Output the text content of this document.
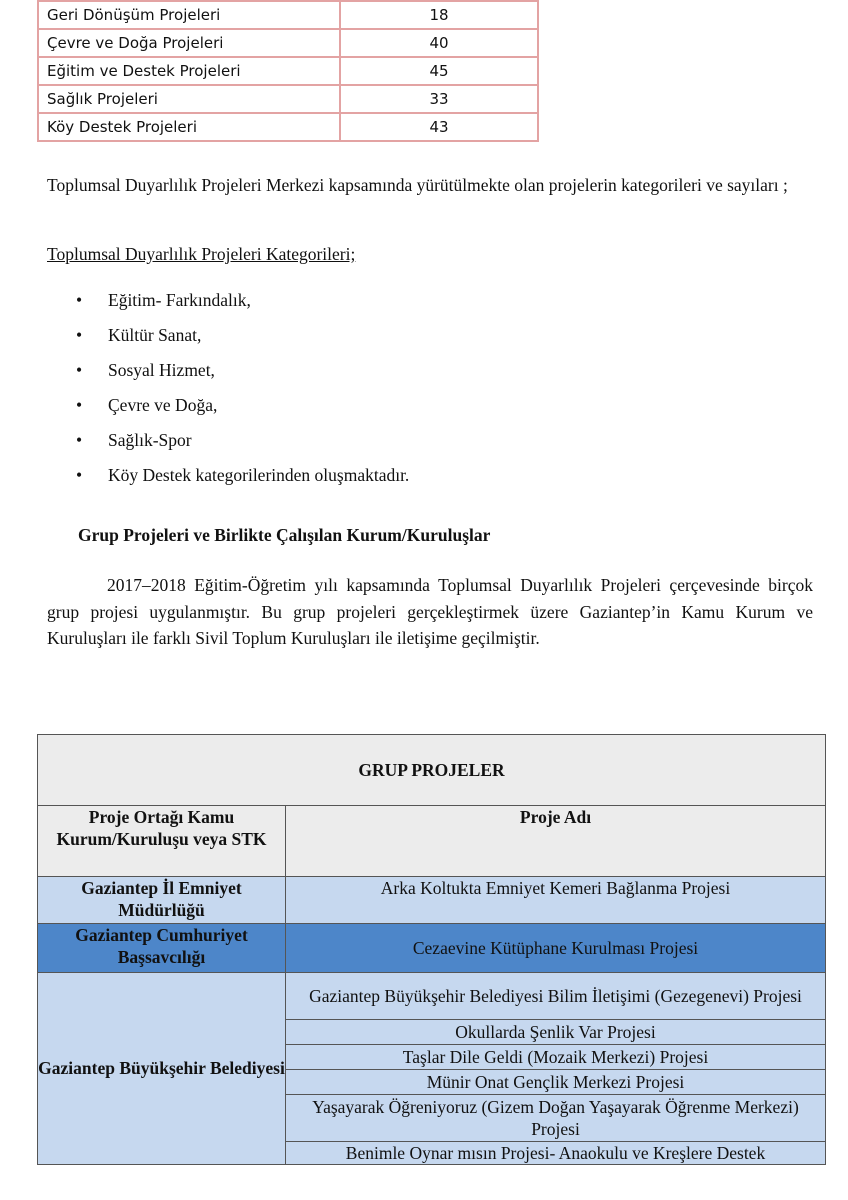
Geri Dönüşüm Projeleri	18
Çevre ve Doğa Projeleri	40
Eğitim ve Destek Projeleri	45
Sağlık Projeleri	33
Köy Destek Projeleri	43

Toplumsal Duyarlılık Projeleri Merkezi kapsamında yürütülmekte olan projelerin kategorileri ve sayıları ;

Toplumsal Duyarlılık Projeleri Kategorileri;

•	Eğitim- Farkındalık,
•	Kültür Sanat,
•	Sosyal Hizmet,
•	Çevre ve Doğa,
•	Sağlık-Spor
•	Köy Destek kategorilerinden oluşmaktadır.

Grup Projeleri ve Birlikte Çalışılan Kurum/Kuruluşlar

2017–2018 Eğitim-Öğretim yılı kapsamında Toplumsal Duyarlılık Projeleri çerçevesinde birçok grup projesi uygulanmıştır. Bu grup projeleri gerçekleştirmek üzere Gaziantep’in Kamu Kurum ve Kuruluşları ile farklı Sivil Toplum Kuruluşları ile iletişime geçilmiştir.

GRUP PROJELER	
Proje Ortağı Kamu Kurum/Kuruluşu veya STK	Proje Adı
Gaziantep İl Emniyet Müdürlüğü	Arka Koltukta Emniyet Kemeri Bağlanma Projesi
Gaziantep Cumhuriyet Başsavcılığı	Cezaevine Kütüphane Kurulması Projesi
Gaziantep Büyükşehir Belediyesi	Gaziantep Büyükşehir Belediyesi Bilim İletişimi (Gezegenevi) Projesi
	Okullarda Şenlik Var Projesi
	Taşlar Dile Geldi (Mozaik Merkezi) Projesi
	Münir Onat Gençlik Merkezi Projesi
	Yaşayarak Öğreniyoruz (Gizem Doğan Yaşayarak Öğrenme Merkezi) Projesi
	Benimle Oynar mısın Projesi- Anaokulu ve Kreşlere Destek
